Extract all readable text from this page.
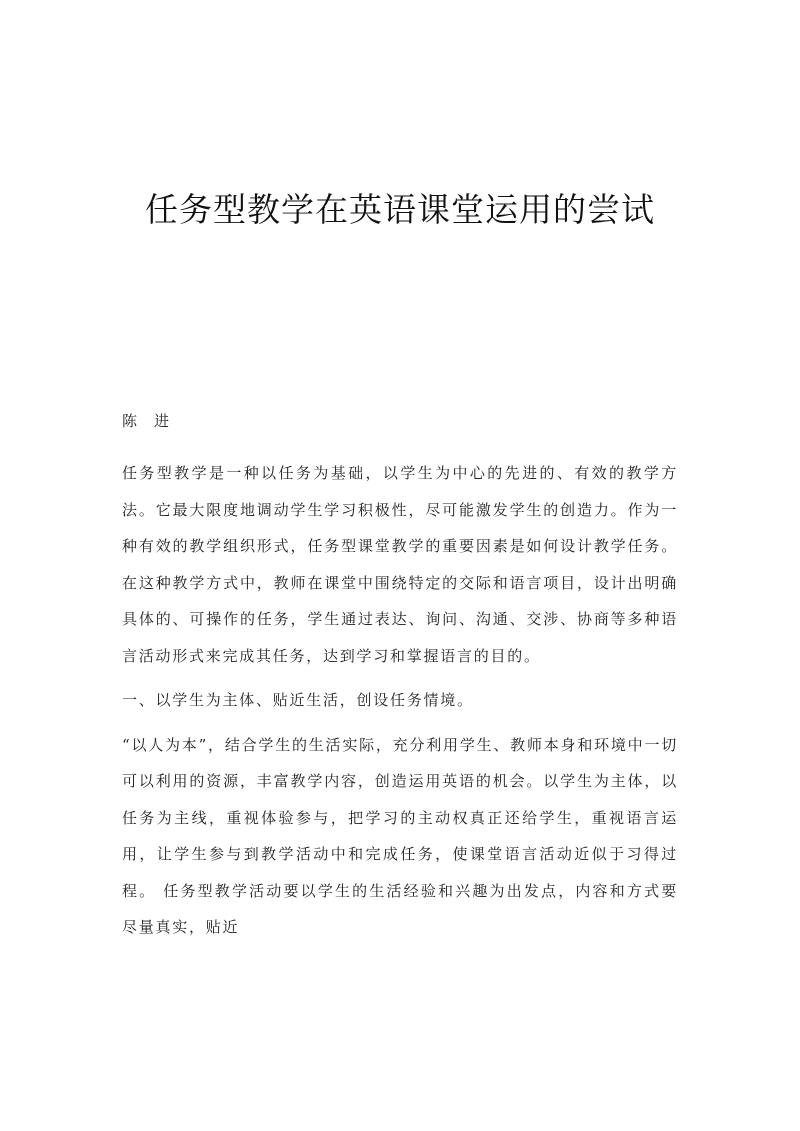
任务型教学在英语课堂运用的尝试
陈进

任务型教学是一种以任务为基础，以学生为中心的先进的、有效的教学方法。它最大限度地调动学生学习积极性，尽可能激发学生的创造力。作为一种有效的教学组织形式，任务型课堂教学的重要因素是如何设计教学任务。在这种教学方式中，教师在课堂中围绕特定的交际和语言项目，设计出明确具体的、可操作的任务，学生通过表达、询问、沟通、交涉、协商等多种语言活动形式来完成其任务，达到学习和掌握语言的目的。

一、以学生为主体、贴近生活，创设任务情境。

“以人为本”，结合学生的生活实际，充分利用学生、教师本身和环境中一切可以利用的资源，丰富教学内容，创造运用英语的机会。以学生为主体，以任务为主线，重视体验参与，把学习的主动权真正还给学生，重视语言运用，让学生参与到教学活动中和完成任务，使课堂语言活动近似于习得过程。 任务型教学活动要以学生的生活经验和兴趣为出发点，内容和方式要尽量真实，贴近
